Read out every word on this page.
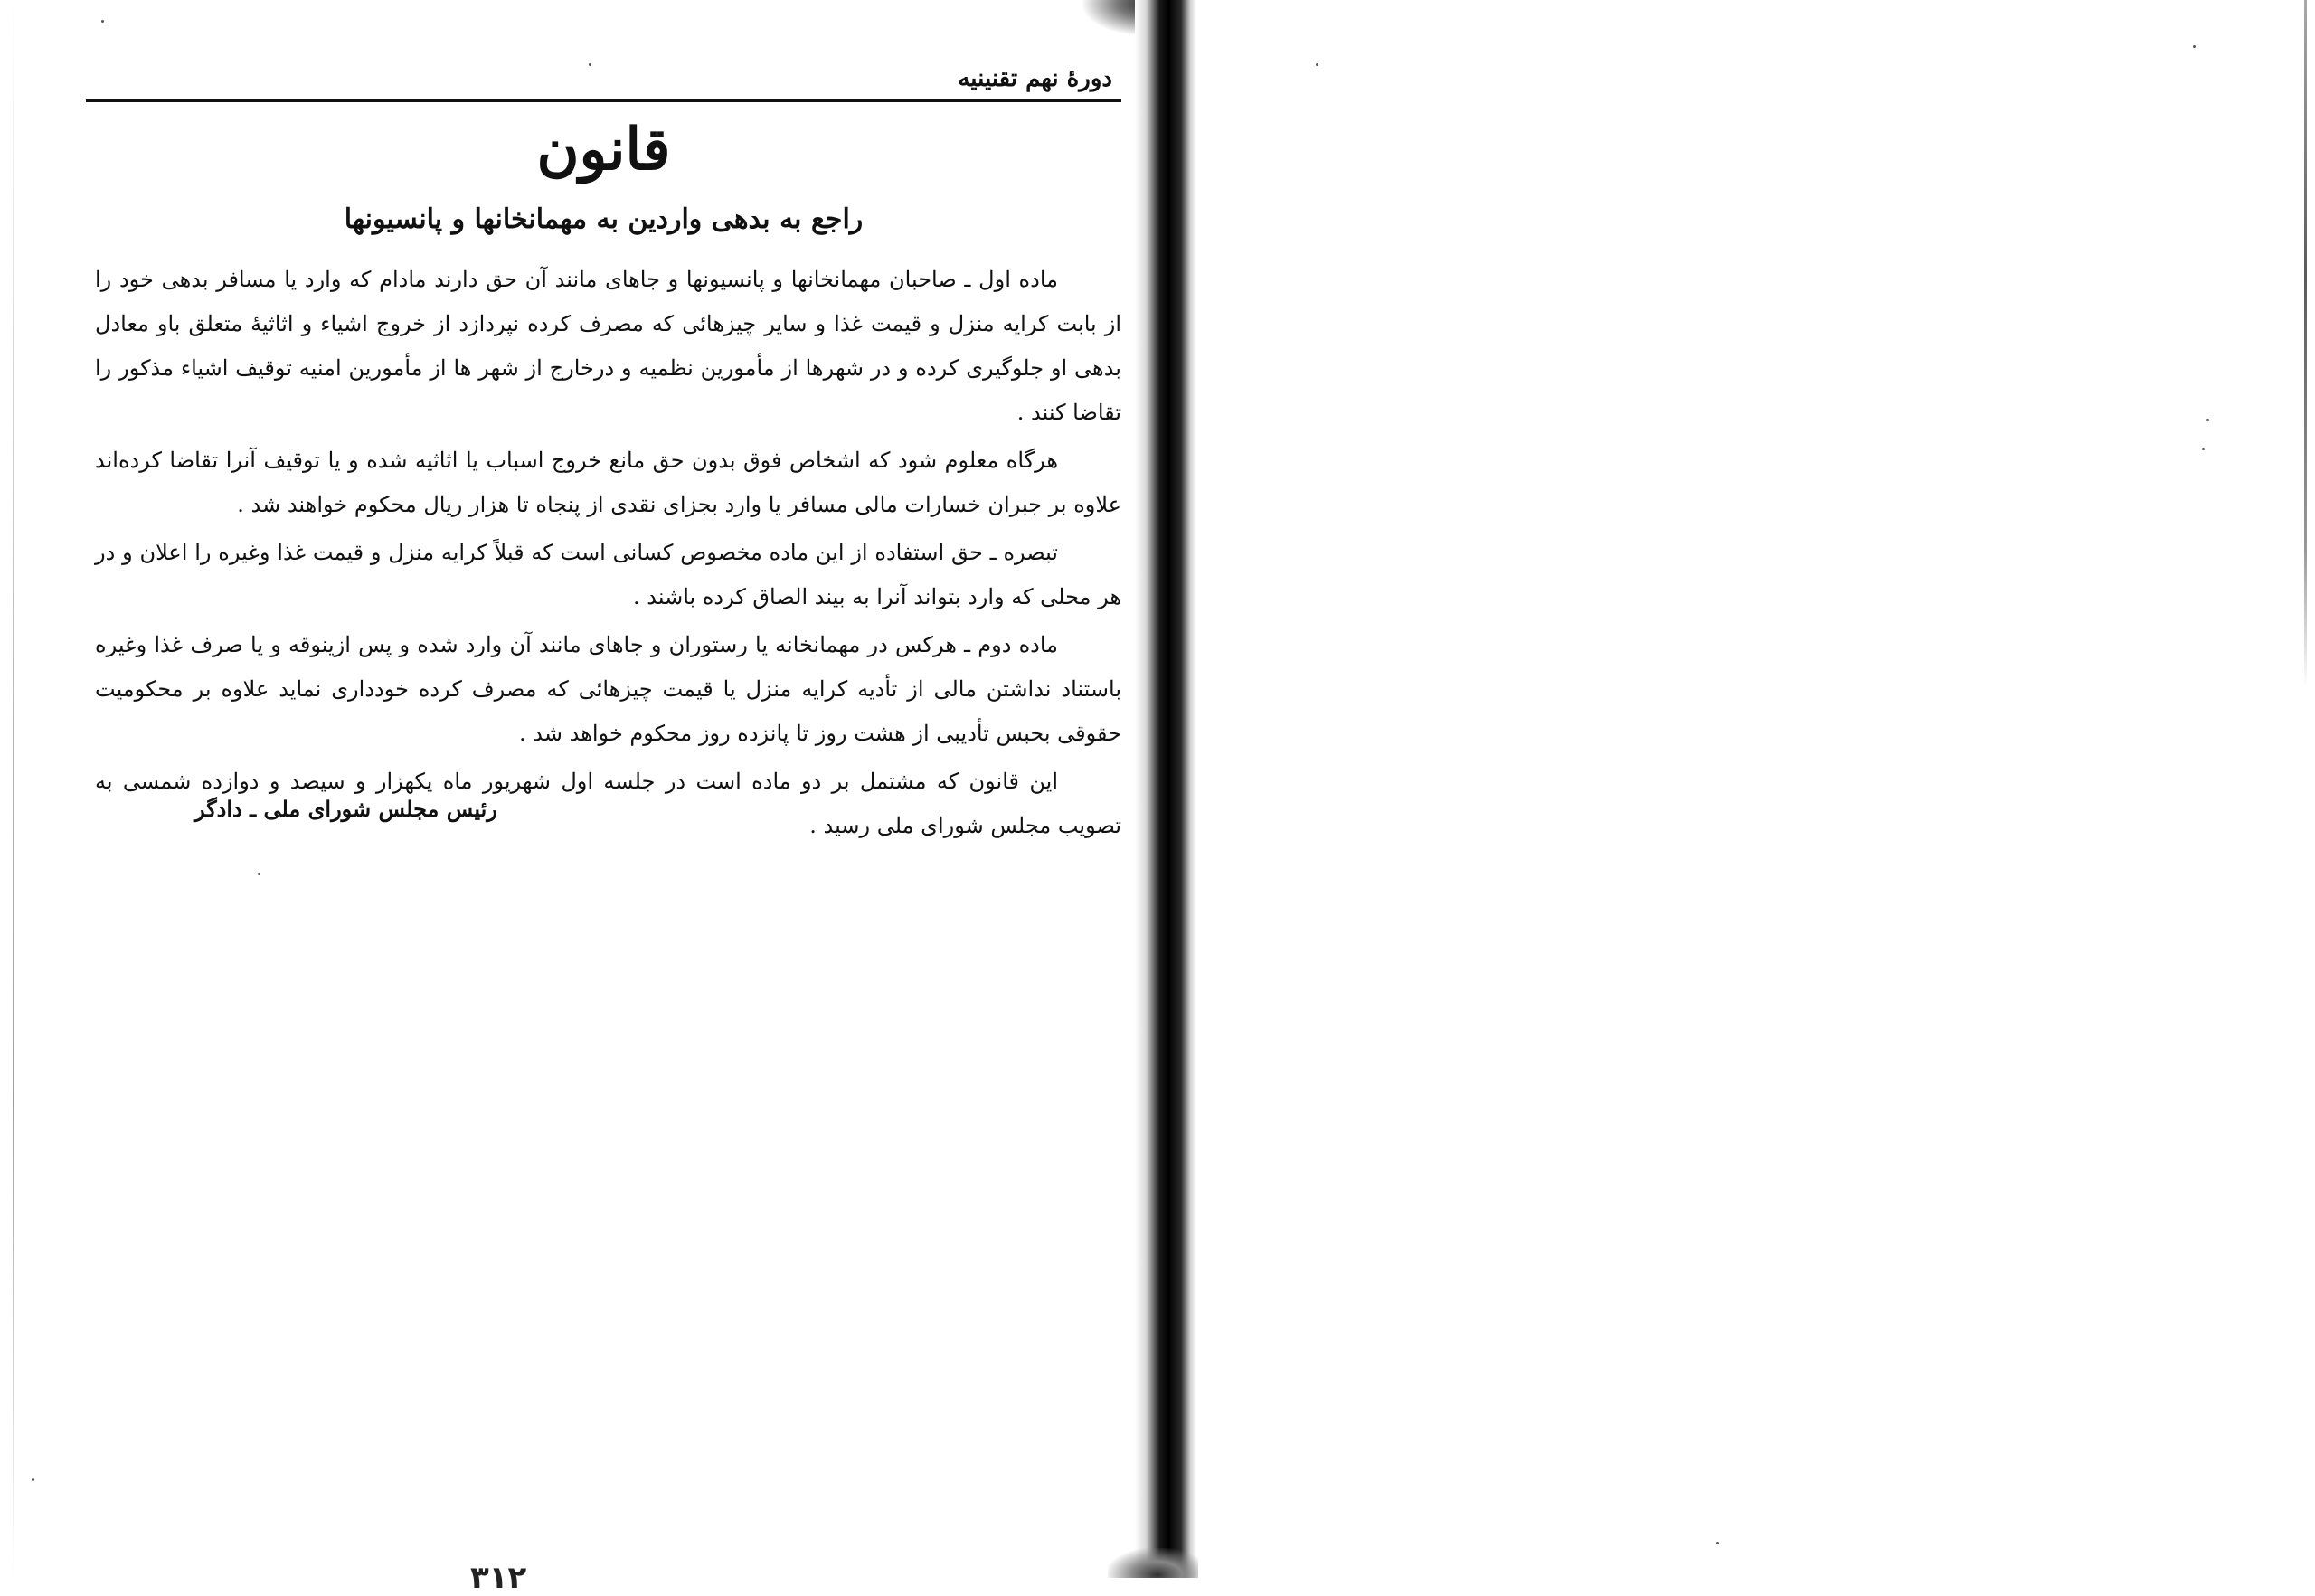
دورهٔ نهم تقنینیه
قانون
راجع به بدهی واردین به مهمانخانها و پانسیونها

ماده اول ـ صاحبان مهمانخانها و پانسیونها و جاهای مانند آن حق دارند مادام که وارد یا مسافر بدهی خود را از بابت کرایه منزل و قیمت غذا و سایر چیزهائی که مصرف کرده نپردازد از خروج اشیاء و اثاثیهٔ متعلق باو معادل بدهی او جلوگیری کرده و در شهرها از مأمورین نظمیه و درخارج از شهر ها از مأمورین امنیه توقیف اشیاء مذکور را تقاضا کنند .

هرگاه معلوم شود که اشخاص فوق بدون حق مانع خروج اسباب یا اثاثیه شده و یا توقیف آنرا تقاضا کرده‌اند علاوه بر جبران خسارات مالی مسافر یا وارد بجزای نقدی از پنجاه تا هزار ریال محکوم خواهند شد .

تبصره ـ حق استفاده از این ماده مخصوص کسانی است که قبلاً کرایه منزل و قیمت غذا وغیره را اعلان و در هر محلی که وارد بتواند آنرا به بیند الصاق کرده باشند .

ماده دوم ـ هرکس در مهمانخانه یا رستوران و جاهای مانند آن وارد شده و پس ازینوقه و یا صرف غذا وغیره باستناد نداشتن مالی از تأدیه کرایه منزل یا قیمت چیزهائی که مصرف کرده خودداری نماید علاوه بر محکومیت حقوقی بحبس تأدیبی از هشت روز تا پانزده روز محکوم خواهد شد .

این قانون که مشتمل بر دو ماده است در جلسه اول شهریور ماه یکهزار و سیصد و دوازده شمسی به تصویب مجلس شورای ملی رسید .

رئیس مجلس شورای ملی ـ دادگر
۳۱۲
